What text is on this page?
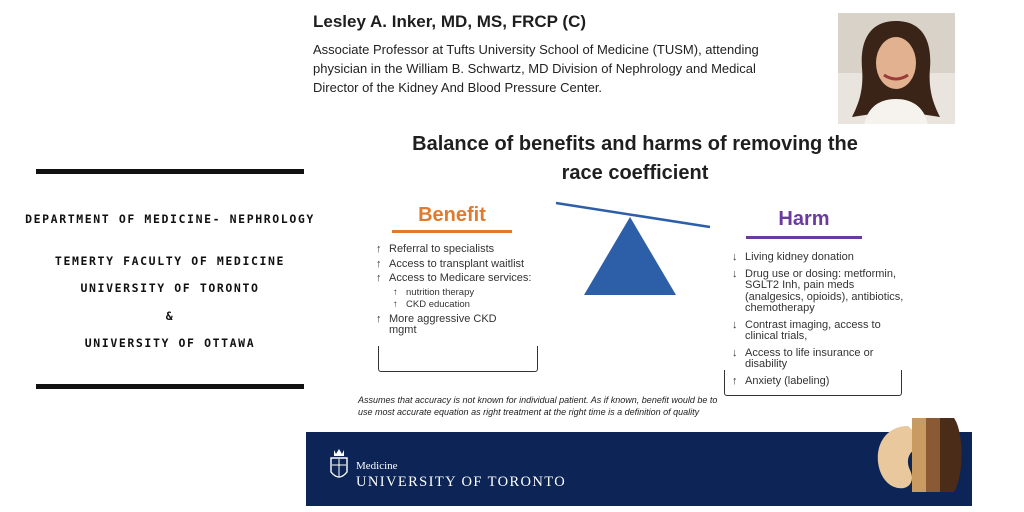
DEPARTMENT OF MEDICINE- NEPHROLOGY
TEMERTY FACULTY OF MEDICINE
UNIVERSITY OF TORONTO
&
UNIVERSITY OF OTTAWA
Lesley A. Inker, MD, MS, FRCP (C)
Associate Professor at Tufts University School of Medicine (TUSM), attending
physician in the William B. Schwartz, MD Division of Nephrology and Medical
Director of the Kidney And Blood Pressure Center.
Balance of benefits and harms of removing the
race coefficient
Benefit	Harm
↑ Referral to specialists
↑ Access to transplant waitlist
↑ Access to Medicare services:
↑ nutrition therapy
↑ CKD education
↑ More aggressive CKD mgmt
↓ Living kidney donation
↓ Drug use or dosing: metformin, SGLT2 Inh, pain meds (analgesics, opioids), antibiotics, chemotherapy
↓ Contrast imaging, access to clinical trials,
↓ Access to life insurance or disability
↑ Anxiety (labeling)
Assumes that accuracy is not known for individual patient. As if known, benefit would be to use most accurate equation as right treatment at the right time is a definition of quality
Medicine
UNIVERSITY OF TORONTO
